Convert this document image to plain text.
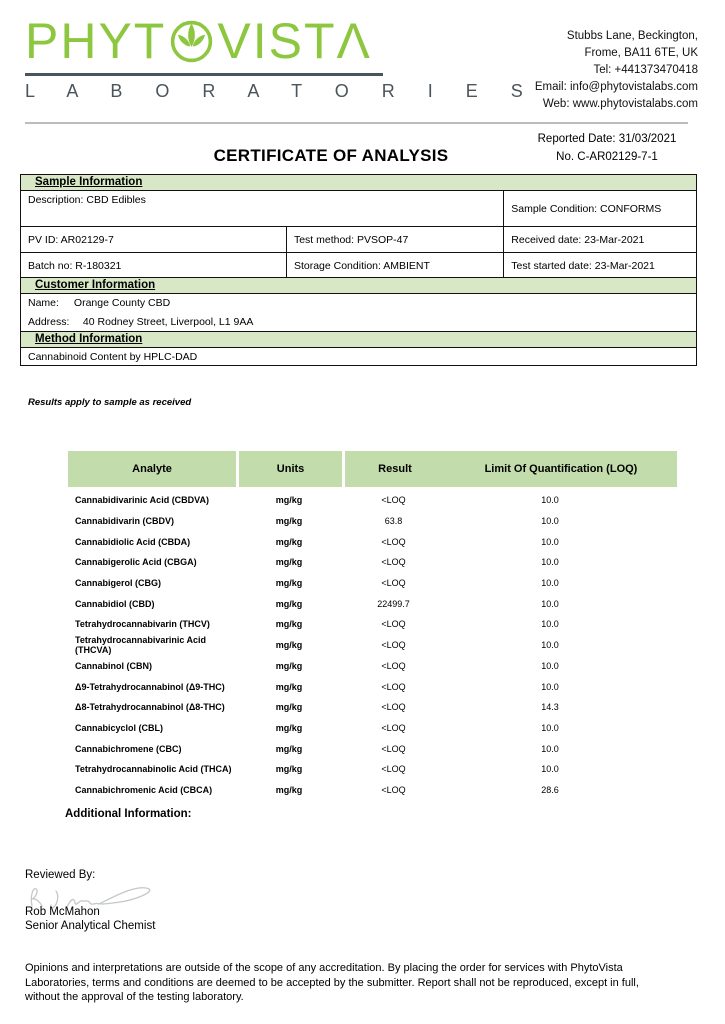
PHYT VIST Λ
L A B O R A T O R I E S
Stubbs Lane, Beckington,
Frome, BA11 6TE, UK
Tel: +441373470418
Email: info@phytovistalabs.com
Web: www.phytovistalabs.com
Reported Date: 31/03/2021
No. C-AR02129-7-1
CERTIFICATE OF ANALYSIS
Sample Information
Description: CBD Edibles
Sample Condition: CONFORMS
PV ID: AR02129-7	Test method: PVSOP-47	Received date: 23-Mar-2021
Batch no: R-180321	Storage Condition: AMBIENT	Test started date: 23-Mar-2021
Customer Information
Name: Orange County CBD
Address: 40 Rodney Street, Liverpool, L1 9AA
Method Information
Cannabinoid Content by HPLC-DAD
Results apply to sample as received
Analyte	Units	Result	Limit Of Quantification (LOQ)
Cannabidivarinic Acid (CBDVA)	mg/kg	<LOQ	10.0
Cannabidivarin (CBDV)	mg/kg	63.8	10.0
Cannabidiolic Acid (CBDA)	mg/kg	<LOQ	10.0
Cannabigerolic Acid (CBGA)	mg/kg	<LOQ	10.0
Cannabigerol (CBG)	mg/kg	<LOQ	10.0
Cannabidiol (CBD)	mg/kg	22499.7	10.0
Tetrahydrocannabivarin (THCV)	mg/kg	<LOQ	10.0
Tetrahydrocannabivarinic Acid (THCVA)	mg/kg	<LOQ	10.0
Cannabinol (CBN)	mg/kg	<LOQ	10.0
Δ9-Tetrahydrocannabinol (Δ9-THC)	mg/kg	<LOQ	10.0
Δ8-Tetrahydrocannabinol (Δ8-THC)	mg/kg	<LOQ	14.3
Cannabicyclol (CBL)	mg/kg	<LOQ	10.0
Cannabichromene (CBC)	mg/kg	<LOQ	10.0
Tetrahydrocannabinolic Acid (THCA)	mg/kg	<LOQ	10.0
Cannabichromenic Acid (CBCA)	mg/kg	<LOQ	28.6
Additional Information:
Reviewed By:
Rob McMahon
Senior Analytical Chemist
Opinions and interpretations are outside of the scope of any accreditation. By placing the order for services with PhytoVista Laboratories, terms and conditions are deemed to be accepted by the submitter. Report shall not be reproduced, except in full, without the approval of the testing laboratory.
